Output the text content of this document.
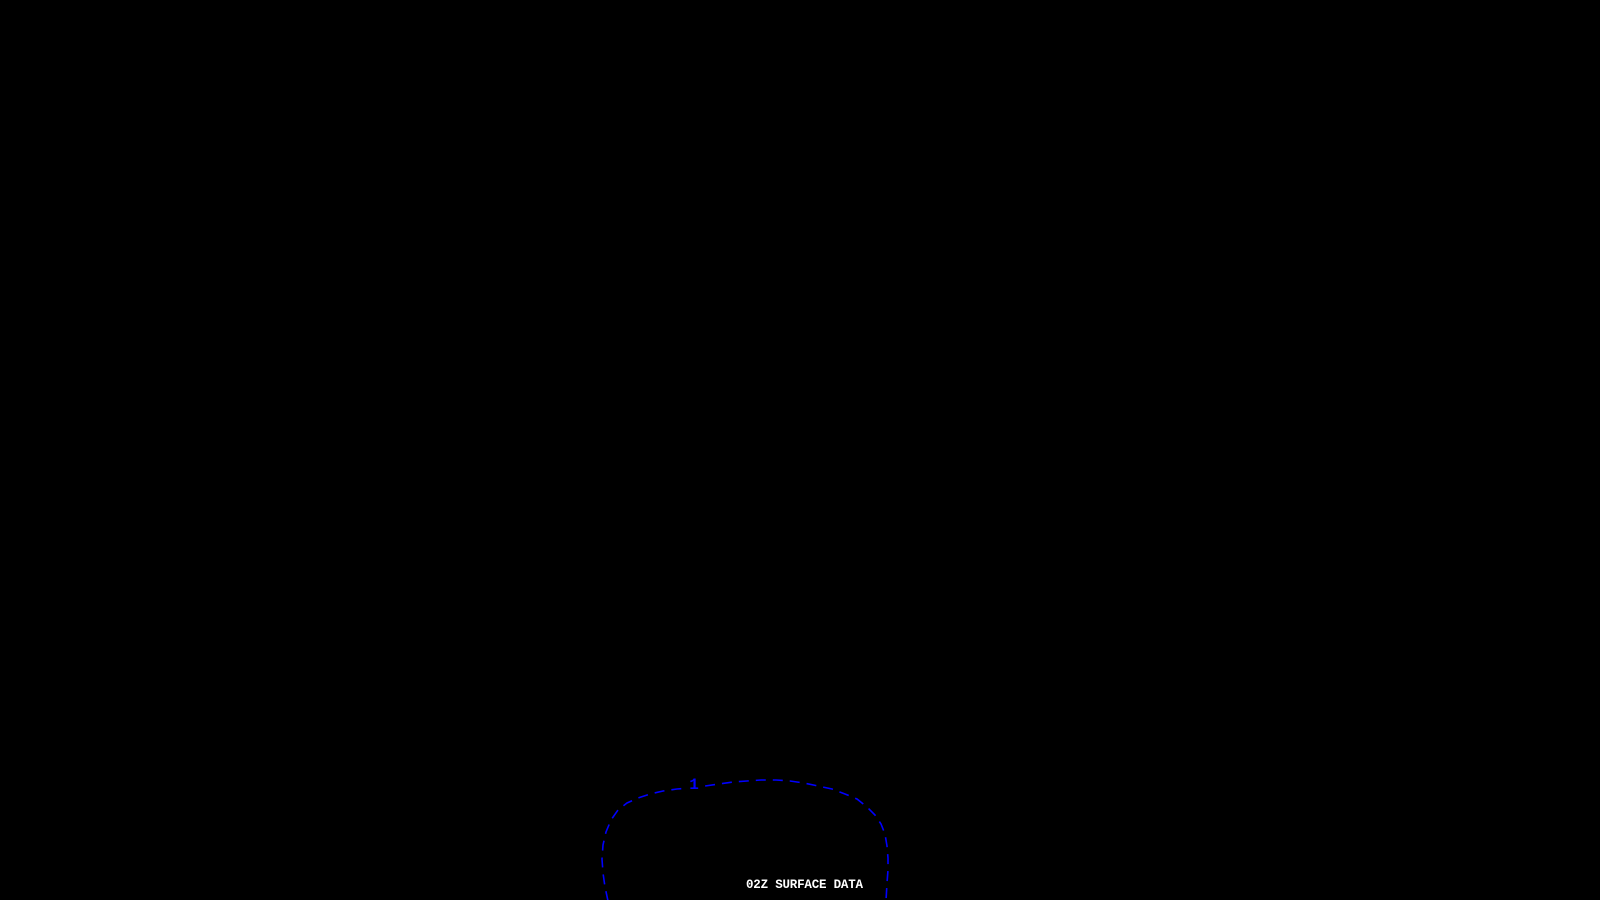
1
02Z SURFACE DATA
